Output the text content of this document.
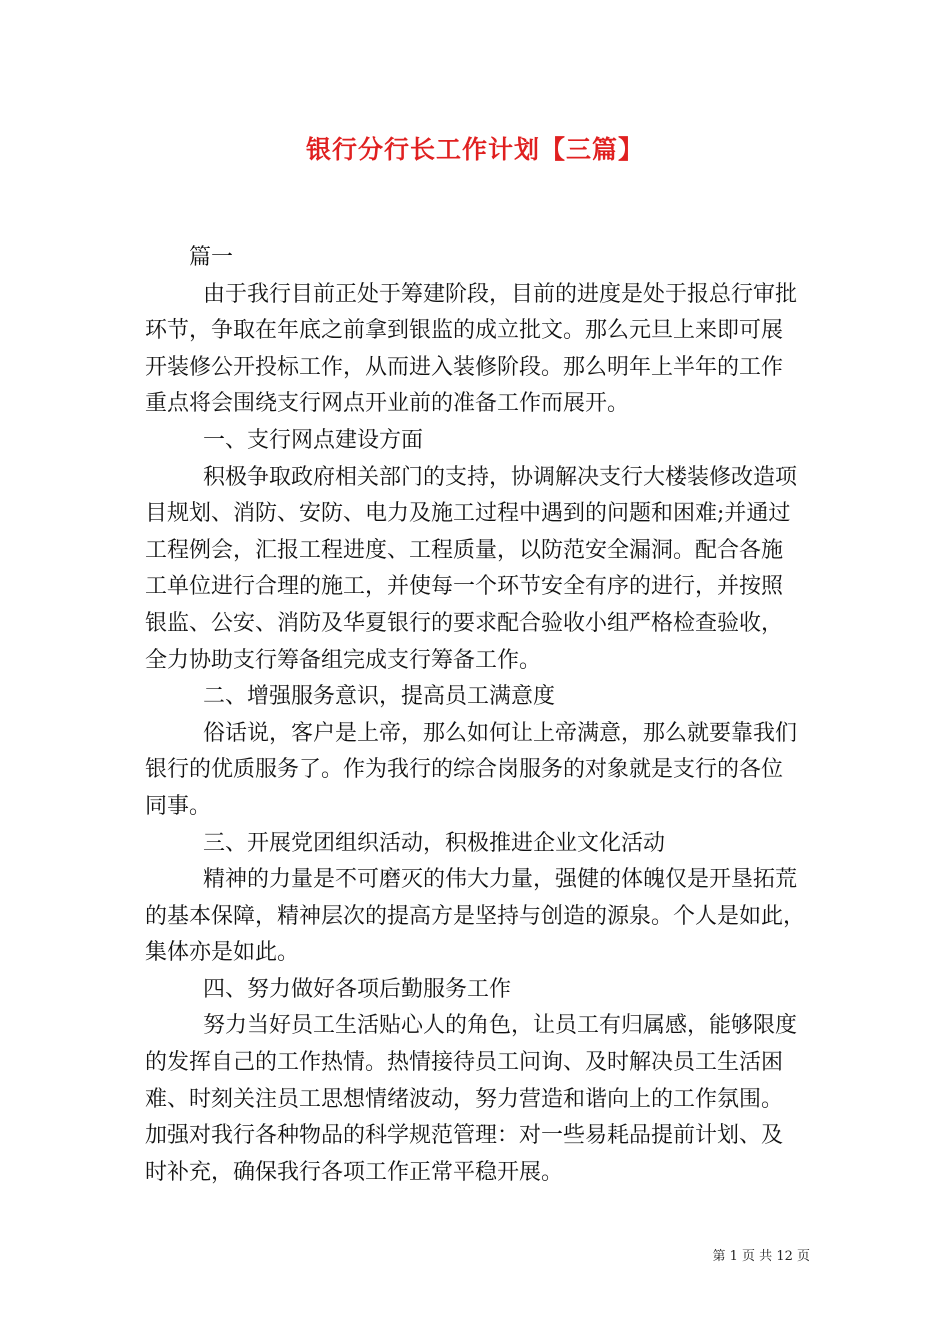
银行分行长工作计划【三篇】
篇一
由于我行目前正处于筹建阶段，目前的进度是处于报总行审批
环节，争取在年底之前拿到银监的成立批文。那么元旦上来即可展
开装修公开投标工作，从而进入装修阶段。那么明年上半年的工作
重点将会围绕支行网点开业前的准备工作而展开。
一、支行网点建设方面
积极争取政府相关部门的支持，协调解决支行大楼装修改造项
目规划、消防、安防、电力及施工过程中遇到的问题和困难;并通过
工程例会，汇报工程进度、工程质量，以防范安全漏洞。配合各施
工单位进行合理的施工，并使每一个环节安全有序的进行，并按照
银监、公安、消防及华夏银行的要求配合验收小组严格检查验收，
全力协助支行筹备组完成支行筹备工作。
二、增强服务意识，提高员工满意度
俗话说，客户是上帝，那么如何让上帝满意，那么就要靠我们
银行的优质服务了。作为我行的综合岗服务的对象就是支行的各位
同事。
三、开展党团组织活动，积极推进企业文化活动
精神的力量是不可磨灭的伟大力量，强健的体魄仅是开垦拓荒
的基本保障，精神层次的提高方是坚持与创造的源泉。个人是如此，
集体亦是如此。
四、努力做好各项后勤服务工作
努力当好员工生活贴心人的角色，让员工有归属感，能够限度
的发挥自己的工作热情。热情接待员工问询、及时解决员工生活困
难、时刻关注员工思想情绪波动，努力营造和谐向上的工作氛围。
加强对我行各种物品的科学规范管理：对一些易耗品提前计划、及
时补充，确保我行各项工作正常平稳开展。
第 1 页 共 12 页
